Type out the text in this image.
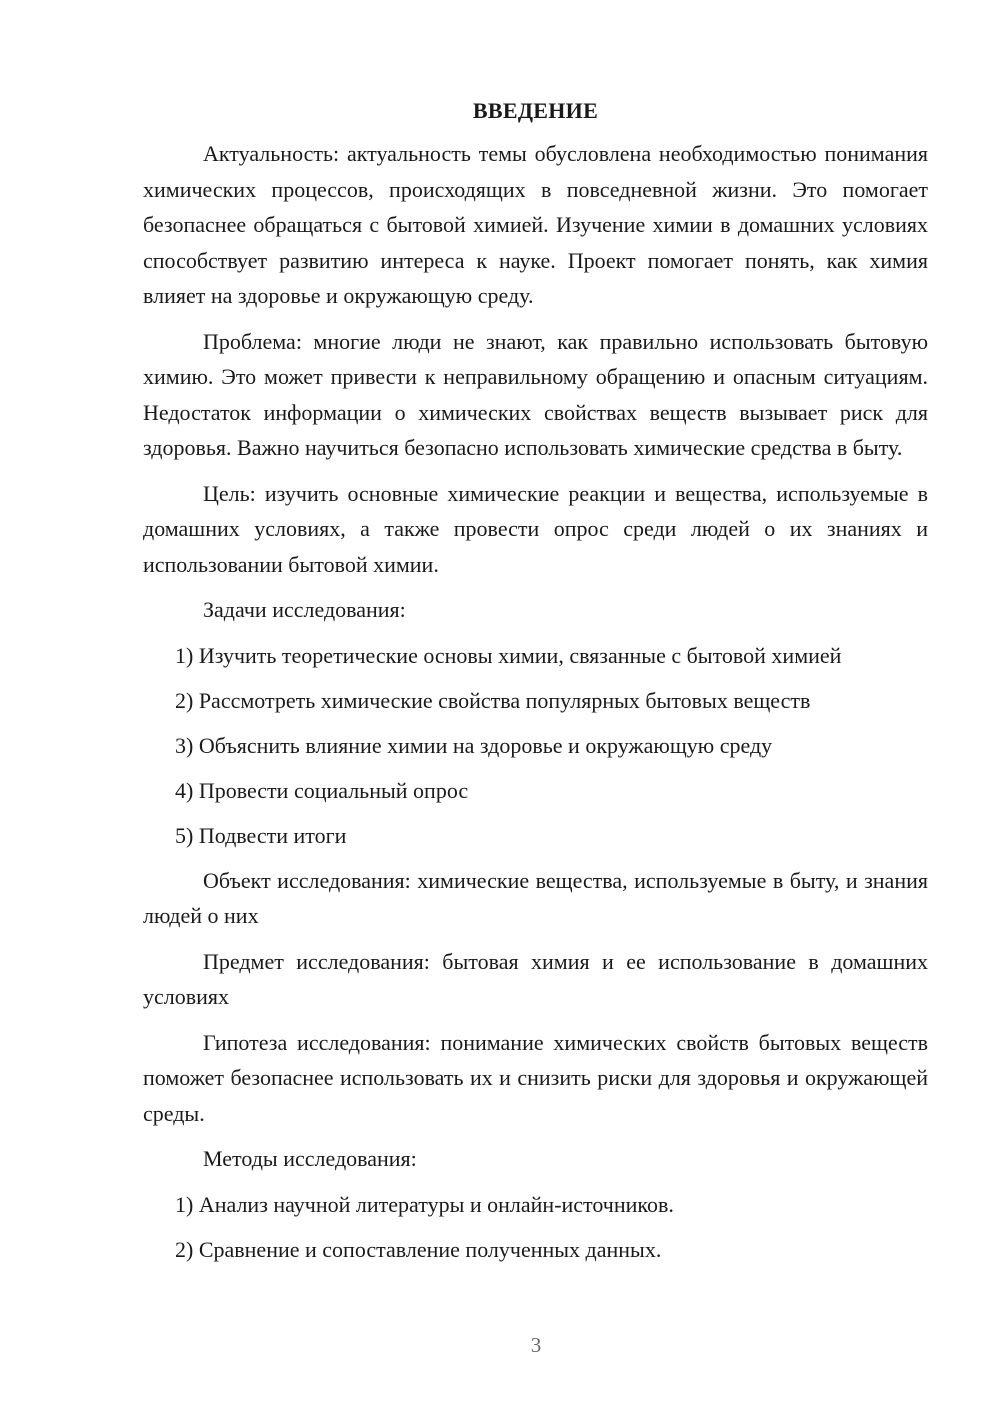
ВВЕДЕНИЕ

Актуальность: актуальность темы обусловлена необходимостью понимания химических процессов, происходящих в повседневной жизни. Это помогает безопаснее обращаться с бытовой химией. Изучение химии в домашних условиях способствует развитию интереса к науке. Проект помогает понять, как химия влияет на здоровье и окружающую среду.

Проблема: многие люди не знают, как правильно использовать бытовую химию. Это может привести к неправильному обращению и опасным ситуациям. Недостаток информации о химических свойствах веществ вызывает риск для здоровья. Важно научиться безопасно использовать химические средства в быту.

Цель: изучить основные химические реакции и вещества, используемые в домашних условиях, а также провести опрос среди людей о их знаниях и использовании бытовой химии.

Задачи исследования:
1) Изучить теоретические основы химии, связанные с бытовой химией
2) Рассмотреть химические свойства популярных бытовых веществ
3) Объяснить влияние химии на здоровье и окружающую среду
4) Провести социальный опрос
5) Подвести итоги

Объект исследования: химические вещества, используемые в быту, и знания людей о них

Предмет исследования: бытовая химия и ее использование в домашних условиях

Гипотеза исследования: понимание химических свойств бытовых веществ поможет безопаснее использовать их и снизить риски для здоровья и окружающей среды.

Методы исследования:
1) Анализ научной литературы и онлайн-источников.
2) Сравнение и сопоставление полученных данных.
3
